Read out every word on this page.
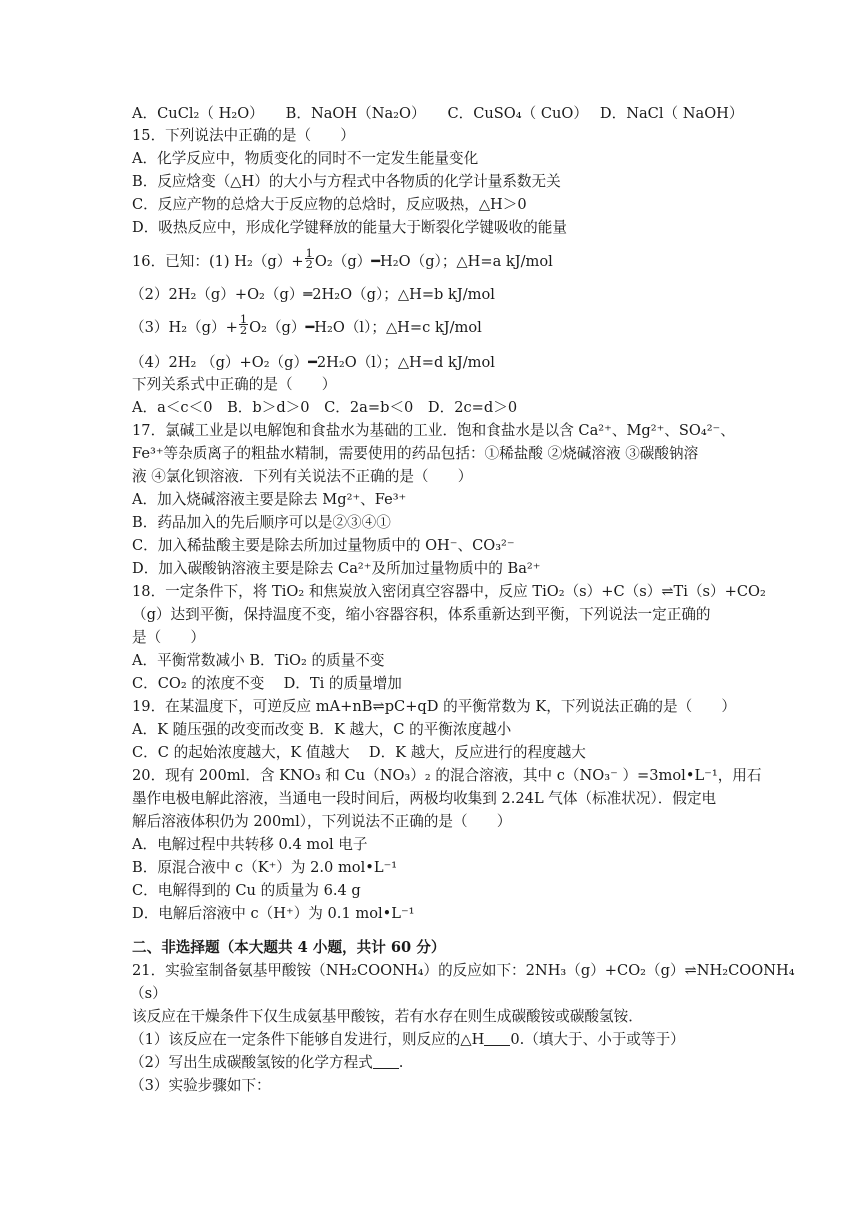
A．CuCl₂（ H₂O）　　B．NaOH（Na₂O）　　C．CuSO₄（ CuO）　 D．NaCl（ NaOH）
15．下列说法中正确的是（　　）
A．化学反应中，物质变化的同时不一定发生能量变化
B．反应焓变（△H）的大小与方程式中各物质的化学计量系数无关
C．反应产物的总焓大于反应物的总焓时，反应吸热，△H＞0
D．吸热反应中，形成化学键释放的能量大于断裂化学键吸收的能量
16．已知：(1) $H_2(g)+ \frac{1}{2}$ O₂（g）━H₂O（g）；△H=a kJ/mol
（2）2H₂（g）+O₂（g）═2H₂O（g）；△H=b kJ/mol
$(3)H_2(g)+ \frac{1}{2}$ O₂（g）━H₂O（l）；△H=c kJ/mol
（4）2H₂ （g）+O₂（g）━2H₂O（l）；△H=d kJ/mol
下列关系式中正确的是（　　）
A．a＜c＜0　B．b＞d＞0　C．2a=b＜0　D．2c=d＞0
17．氯碱工业是以电解饱和食盐水为基础的工业．饱和食盐水是以含 Ca²⁺、Mg²⁺、SO₄²⁻、
Fe³⁺等杂质离子的粗盐水精制，需要使用的药品包括：①稀盐酸 ②烧碱溶液 ③碳酸钠溶
液 ④氯化钡溶液．下列有关说法不正确的是（　　）
A．加入烧碱溶液主要是除去 Mg²⁺、Fe³⁺
B．药品加入的先后顺序可以是②③④①
C．加入稀盐酸主要是除去所加过量物质中的 OH⁻、CO₃²⁻
D．加入碳酸钠溶液主要是除去 Ca²⁺及所加过量物质中的 Ba²⁺
18．一定条件下，将 TiO₂ 和焦炭放入密闭真空容器中，反应 TiO₂（s）+C（s）⇌Ti（s）+CO₂
（g）达到平衡，保持温度不变，缩小容器容积，体系重新达到平衡，下列说法一定正确的
是（　　）
A．平衡常数减小 B．TiO₂ 的质量不变
C．CO₂ 的浓度不变　 D．Ti 的质量增加
19．在某温度下，可逆反应 mA+nB⇌pC+qD 的平衡常数为 K，下列说法正确的是（　　）
A．K 随压强的改变而改变 B．K 越大，C 的平衡浓度越小
C．C 的起始浓度越大，K 值越大　 D．K 越大，反应进行的程度越大
20．现有 200ml．含 KNO₃ 和 Cu（NO₃）₂ 的混合溶液，其中 c（NO₃⁻ ）=3mol•L⁻¹，用石
墨作电极电解此溶液，当通电一段时间后，两极均收集到 2.24L 气体（标准状况）．假定电
解后溶液体积仍为 200ml），下列说法不正确的是（　　）
A．电解过程中共转移 0.4 mol 电子
B．原混合液中 c（K⁺）为 2.0 mol•L⁻¹
C．电解得到的 Cu 的质量为 6.4 g
D．电解后溶液中 c（H⁺）为 0.1 mol•L⁻¹
二、非选择题（本大题共 4 小题，共计 60 分）
21．实验室制备氨基甲酸铵（NH₂COONH₄）的反应如下：2NH₃（g）+CO₂（g）⇌NH₂COONH₄
（s）
该反应在干燥条件下仅生成氨基甲酸铵，若有水存在则生成碳酸铵或碳酸氢铵．
（1）该反应在一定条件下能够自发进行，则反应的△H 0.（填大于、小于或等于）
（2）写出生成碳酸氢铵的化学方程式 .
（3）实验步骤如下：
